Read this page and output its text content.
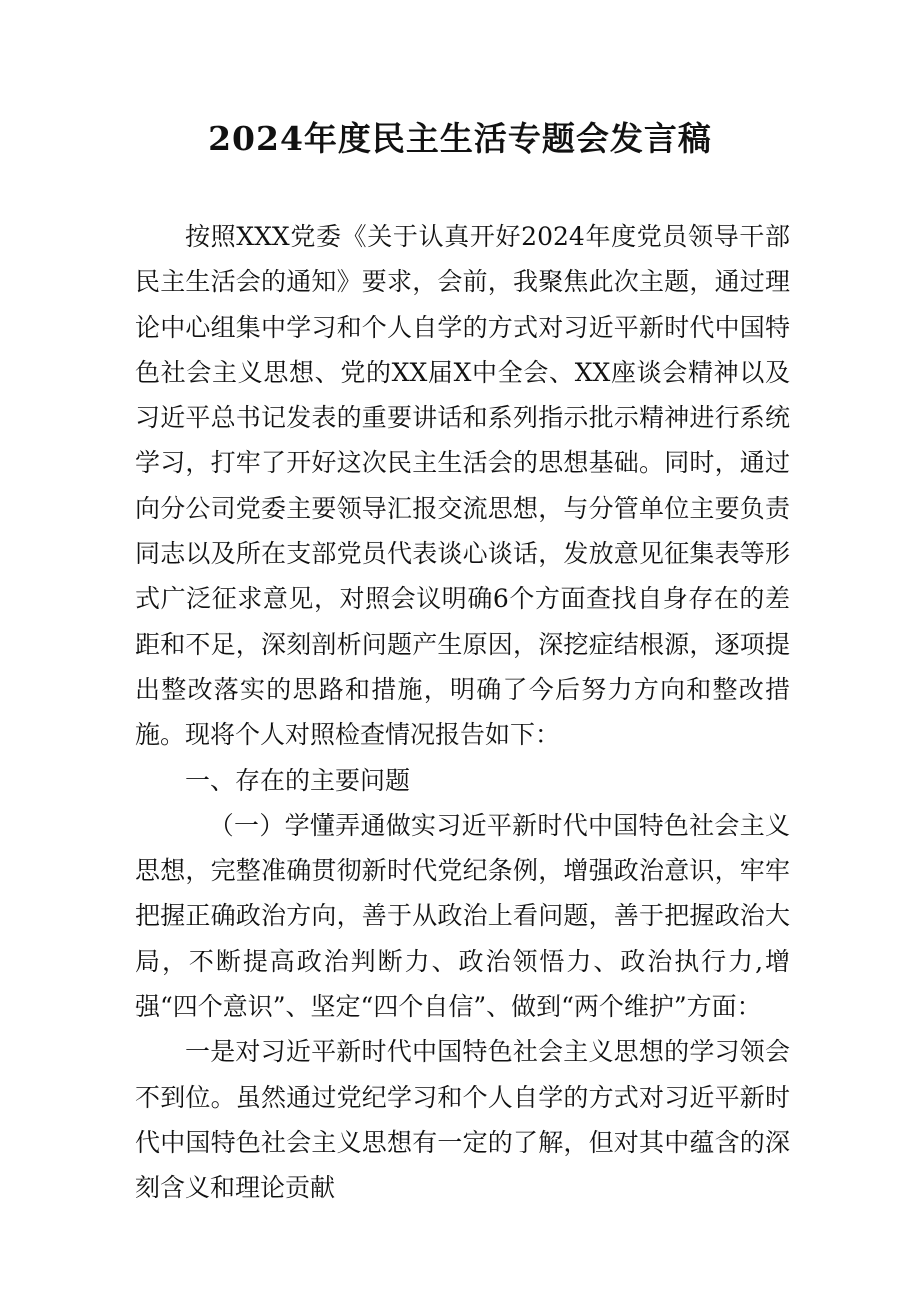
2024年度民主生活专题会发言稿

按照XXX党委《关于认真开好2024年度党员领导干部民主生活会的通知》要求，会前，我聚焦此次主题，通过理论中心组集中学习和个人自学的方式对习近平新时代中国特色社会主义思想、党的XX届X中全会、XX座谈会精神以及习近平总书记发表的重要讲话和系列指示批示精神进行系统学习，打牢了开好这次民主生活会的思想基础。同时，通过向分公司党委主要领导汇报交流思想，与分管单位主要负责同志以及所在支部党员代表谈心谈话，发放意见征集表等形式广泛征求意见，对照会议明确6个方面查找自身存在的差距和不足，深刻剖析问题产生原因，深挖症结根源，逐项提出整改落实的思路和措施，明确了今后努力方向和整改措施。现将个人对照检查情况报告如下：

一、存在的主要问题

（一）学懂弄通做实习近平新时代中国特色社会主义思想，完整准确贯彻新时代党纪条例，增强政治意识，牢牢把握正确政治方向，善于从政治上看问题，善于把握政治大局，不断提高政治判断力、政治领悟力、政治执行力,增强“四个意识”、坚定“四个自信”、做到“两个维护”方面：

一是对习近平新时代中国特色社会主义思想的学习领会不到位。虽然通过党纪学习和个人自学的方式对习近平新时代中国特色社会主义思想有一定的了解，但对其中蕴含的深刻含义和理论贡献
